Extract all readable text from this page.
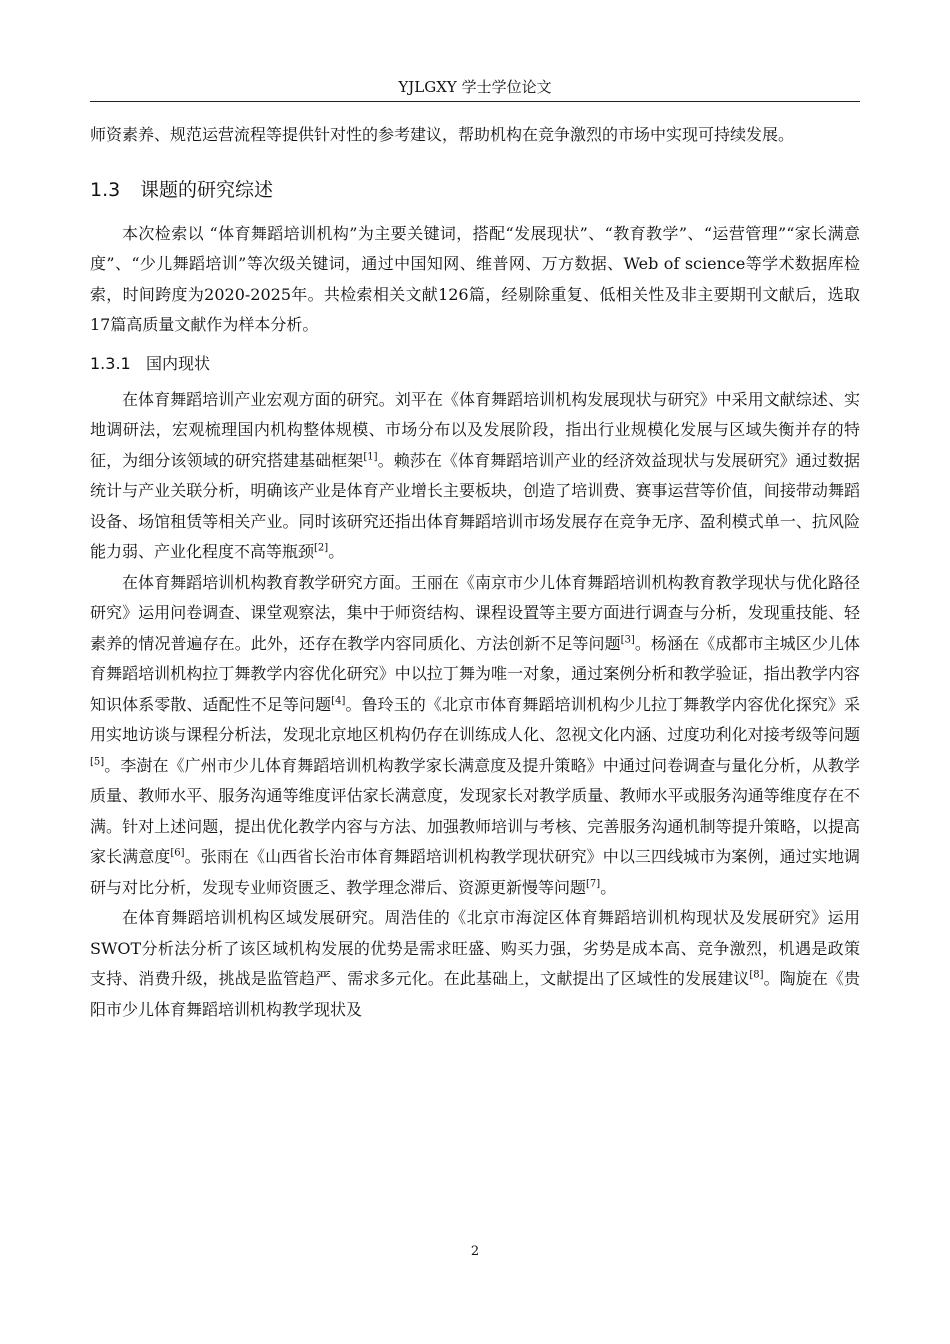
YJLGXY 学士学位论文

师资素养、规范运营流程等提供针对性的参考建议，帮助机构在竞争激烈的市场中实现可持续发展。

1.3 课题的研究综述

本次检索以 “体育舞蹈培训机构”为主要关键词，搭配“发展现状”、“教育教学”、“运营管理”“家长满意度”、“少儿舞蹈培训”等次级关键词，通过中国知网、维普网、万方数据、Web of science等学术数据库检索，时间跨度为2020-2025年。共检索相关文献126篇，经剔除重复、低相关性及非主要期刊文献后，选取17篇高质量文献作为样本分析。

1.3.1 国内现状

在体育舞蹈培训产业宏观方面的研究。刘平在《体育舞蹈培训机构发展现状与研究》中采用文献综述、实地调研法，宏观梳理国内机构整体规模、市场分布以及发展阶段，指出行业规模化发展与区域失衡并存的特征，为细分该领域的研究搭建基础框架[1]。赖莎在《体育舞蹈培训产业的经济效益现状与发展研究》通过数据统计与产业关联分析，明确该产业是体育产业增长主要板块，创造了培训费、赛事运营等价值，间接带动舞蹈设备、场馆租赁等相关产业。同时该研究还指出体育舞蹈培训市场发展存在竞争无序、盈利模式单一、抗风险能力弱、产业化程度不高等瓶颈[2]。

在体育舞蹈培训机构教育教学研究方面。王丽在《南京市少儿体育舞蹈培训机构教育教学现状与优化路径研究》运用问卷调查、课堂观察法，集中于师资结构、课程设置等主要方面进行调查与分析，发现重技能、轻素养的情况普遍存在。此外，还存在教学内容同质化、方法创新不足等问题[3]。杨涵在《成都市主城区少儿体育舞蹈培训机构拉丁舞教学内容优化研究》中以拉丁舞为唯一对象，通过案例分析和教学验证，指出教学内容知识体系零散、适配性不足等问题[4]。鲁玲玉的《北京市体育舞蹈培训机构少儿拉丁舞教学内容优化探究》采用实地访谈与课程分析法，发现北京地区机构仍存在训练成人化、忽视文化内涵、过度功利化对接考级等问题[5]。李澍在《广州市少儿体育舞蹈培训机构教学家长满意度及提升策略》中通过问卷调查与量化分析，从教学质量、教师水平、服务沟通等维度评估家长满意度，发现家长对教学质量、教师水平或服务沟通等维度存在不满。针对上述问题，提出优化教学内容与方法、加强教师培训与考核、完善服务沟通机制等提升策略，以提高家长满意度[6]。张雨在《山西省长治市体育舞蹈培训机构教学现状研究》中以三四线城市为案例，通过实地调研与对比分析，发现专业师资匮乏、教学理念滞后、资源更新慢等问题[7]。

在体育舞蹈培训机构区域发展研究。周浩佳的《北京市海淀区体育舞蹈培训机构现状及发展研究》运用SWOT分析法分析了该区域机构发展的优势是需求旺盛、购买力强，劣势是成本高、竞争激烈，机遇是政策支持、消费升级，挑战是监管趋严、需求多元化。在此基础上，文献提出了区域性的发展建议[8]。陶旋在《贵阳市少儿体育舞蹈培训机构教学现状及

2
